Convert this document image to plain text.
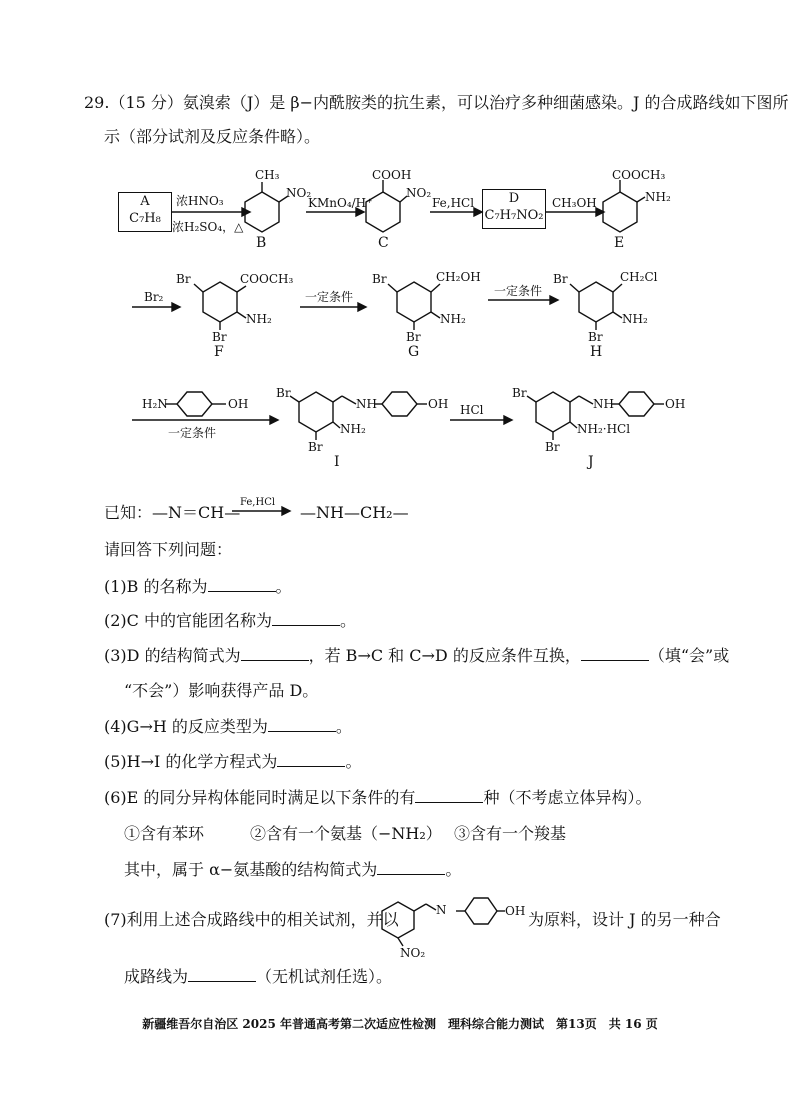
29.（15 分）氨溴索（J）是 β−内酰胺类的抗生素，可以治疗多种细菌感染。J 的合成路线如下图所
示（部分试剂及反应条件略）。
A
C₇H₈
浓HNO₃
浓H₂SO₄，△
CH₃
NO₂
B
KMnO₄/H⁺
COOH
NO₂
C
Fe,HCl	D
C₇H₇NO₂
CH₃OH
COOCH₃
NH₂
E
Br₂
Br	COOCH₃
NH₂
Br
F
一定条件
Br	CH₂OH
NH₂
Br
G
一定条件
Br	CH₂Cl
NH₂
Br
H
H₂N	OH
一定条件
Br
NH	OH
NH₂
Br
I
HCl
Br
NH	OH
NH₂·HCl
Br
J
已知：—N＝CH—
Fe,HCl
—NH—CH₂—
请回答下列问题：
(1)B 的名称为	。
(2)C 中的官能团名称为	。
(3)D 的结构简式为	，若 B→C 和 C→D 的反应条件互换，	（填“会”或
“不会”）影响获得产品 D。
(4)G→H 的反应类型为	。
(5)H→I 的化学方程式为	。
(6)E 的同分异构体能同时满足以下条件的有	种（不考虑立体异构）。
①含有苯环	②含有一个氨基（−NH₂） ③含有一个羧基
其中，属于 α−氨基酸的结构简式为	。
(7)利用上述合成路线中的相关试剂，并以	N	OH
NO₂
为原料，设计 J 的另一种合
成路线为	（无机试剂任选）。
新疆维吾尔自治区 2025 年普通高考第二次适应性检测　理科综合能力测试　第13页　共 16 页
